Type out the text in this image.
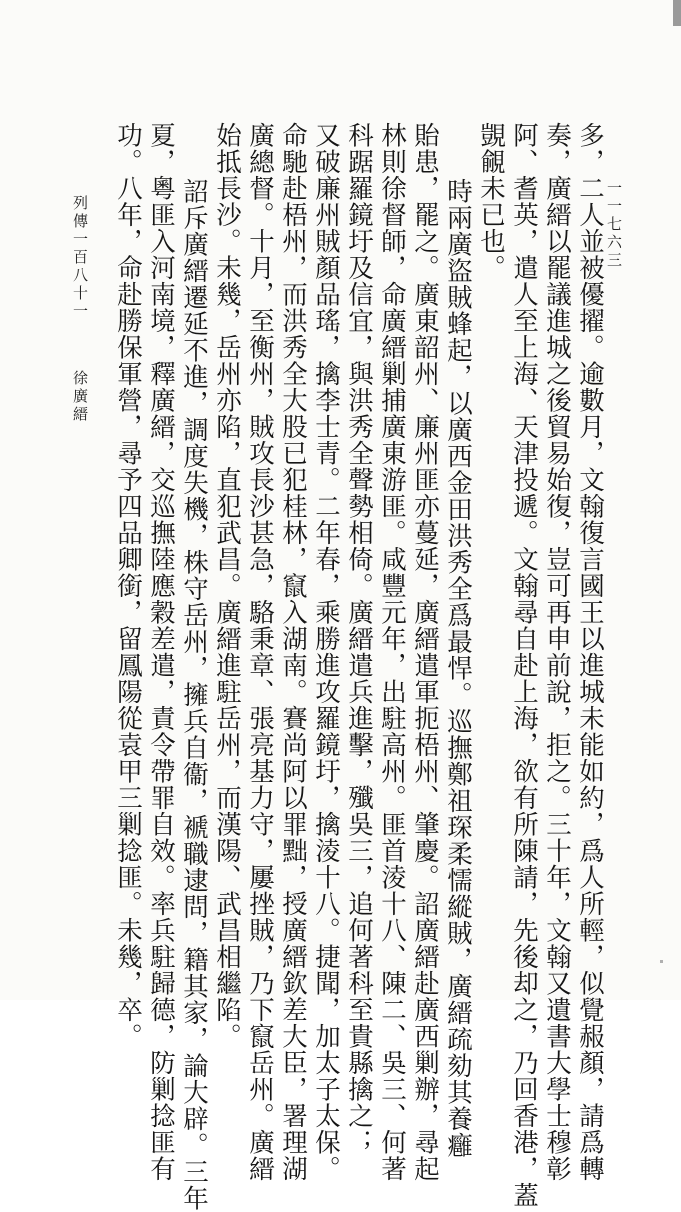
多，二人並被優擢。逾數月，文翰復言國王以進城未能如約，爲人所輕，似覺赧顏，請爲轉
奏，廣縉以罷議進城之後貿易始復，豈可再申前說，拒之。三十年，文翰又遺書大學士穆彰
阿、耆英，遣人至上海、天津投遞。文翰尋自赴上海，欲有所陳請，先後却之，乃回香港，蓋
覬覦未已也。
時兩廣盜賊蜂起，以廣西金田洪秀全爲最悍。巡撫鄭祖琛柔懦縱賊，廣縉疏劾其養癰
貽患，罷之。廣東韶州、廉州匪亦蔓延，廣縉遣軍扼梧州、肇慶。詔廣縉赴廣西剿辦，尋起
林則徐督師，命廣縉剿捕廣東游匪。咸豐元年，出駐高州。匪首淩十八、陳二、吳三、何著
科踞羅鏡圩及信宜，與洪秀全聲勢相倚。廣縉遣兵進擊，殲吳三，追何著科至貴縣擒之；
又破廉州賊顏品瑤，擒李士青。二年春，乘勝進攻羅鏡圩，擒淩十八。捷聞，加太子太保。
命馳赴梧州，而洪秀全大股已犯桂林，竄入湖南。賽尚阿以罪黜，授廣縉欽差大臣，署理湖
廣總督。十月，至衡州，賊攻長沙甚急，駱秉章、張亮基力守，屢挫賊，乃下竄岳州。廣縉
始抵長沙。未幾，岳州亦陷，直犯武昌。廣縉進駐岳州，而漢陽、武昌相繼陷。
詔斥廣縉遷延不進，調度失機，株守岳州，擁兵自衞，褫職逮問，籍其家，論大辟。三年
夏，粵匪入河南境，釋廣縉，交巡撫陸應穀差遣，責令帶罪自效。率兵駐歸德，防剿捻匪有
功。八年，命赴勝保軍營，尋予四品卿銜，留鳳陽從袁甲三剿捻匪。未幾，卒。
列傳一百八十一
徐廣縉
一一七六三
